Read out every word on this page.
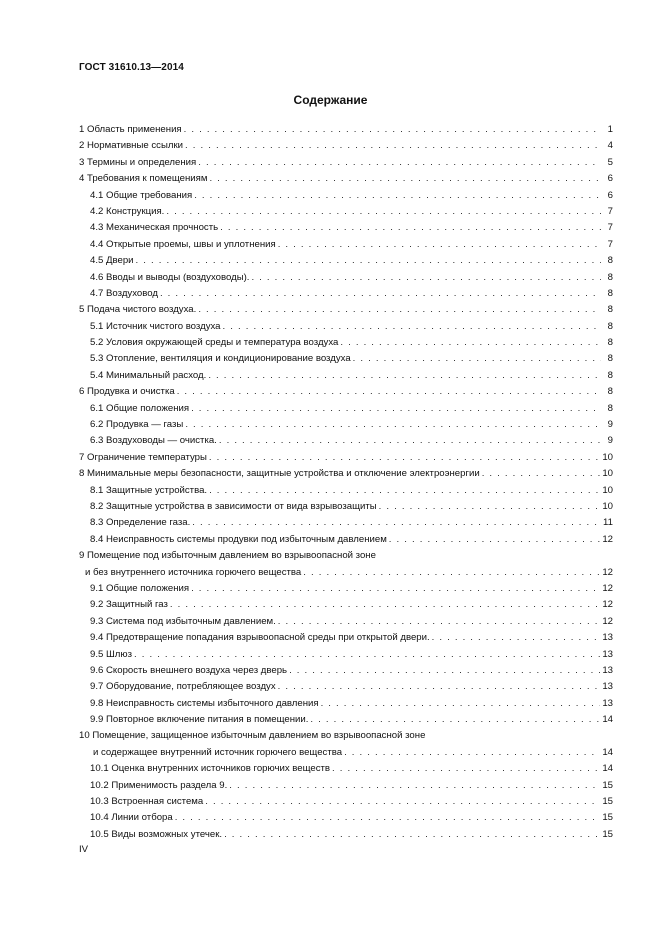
ГОСТ 31610.13—2014
Содержание
1 Область применения . . .	1
2 Нормативные ссылки . . .	4
3 Термины и определения . . .	5
4 Требования к помещениям . . .	6
4.1 Общие требования . . .	6
4.2 Конструкция. . . .	7
4.3 Механическая прочность . . .	7
4.4 Открытые проемы, швы и уплотнения . . .	7
4.5 Двери . . .	8
4.6 Вводы и выводы (воздуховоды). . . .	8
4.7 Воздуховод . . .	8
5 Подача чистого воздуха. . . .	8
5.1 Источник чистого воздуха . . .	8
5.2 Условия окружающей среды и температура воздуха . . .	8
5.3 Отопление, вентиляция и кондиционирование воздуха . . .	8
5.4 Минимальный расход. . . .	8
6 Продувка и очистка . . .	8
6.1 Общие положения . . .	8
6.2 Продувка — газы . . .	9
6.3 Воздуховоды — очистка. . . .	9
7 Ограничение температуры . . .	10
8 Минимальные меры безопасности, защитные устройства и отключение электроэнергии . . .	10
8.1 Защитные устройства. . . .	10
8.2 Защитные устройства в зависимости от вида взрывозащиты . . .	10
8.3 Определение газа. . . .	11
8.4 Неисправность системы продувки под избыточным давлением . . .	12
9 Помещение под избыточным давлением во взрывоопасной зоне
и без внутреннего источника горючего вещества . . .	12
9.1 Общие положения . . .	12
9.2 Защитный газ . . .	12
9.3 Система под избыточным давлением. . . .	12
9.4 Предотвращение попадания взрывоопасной среды при открытой двери. . . .	13
9.5 Шлюз . . .	13
9.6 Скорость внешнего воздуха через дверь . . .	13
9.7 Оборудование, потребляющее воздух . . .	13
9.8 Неисправность системы избыточного давления . . .	13
9.9 Повторное включение питания в помещении. . . .	14
10 Помещение, защищенное избыточным давлением во взрывоопасной зоне
и содержащее внутренний источник горючего вещества . . .	14
10.1 Оценка внутренних источников горючих веществ . . .	14
10.2 Применимость раздела 9. . . .	15
10.3 Встроенная система . . .	15
10.4 Линии отбора . . .	15
10.5 Виды возможных утечек. . . .	15
IV
